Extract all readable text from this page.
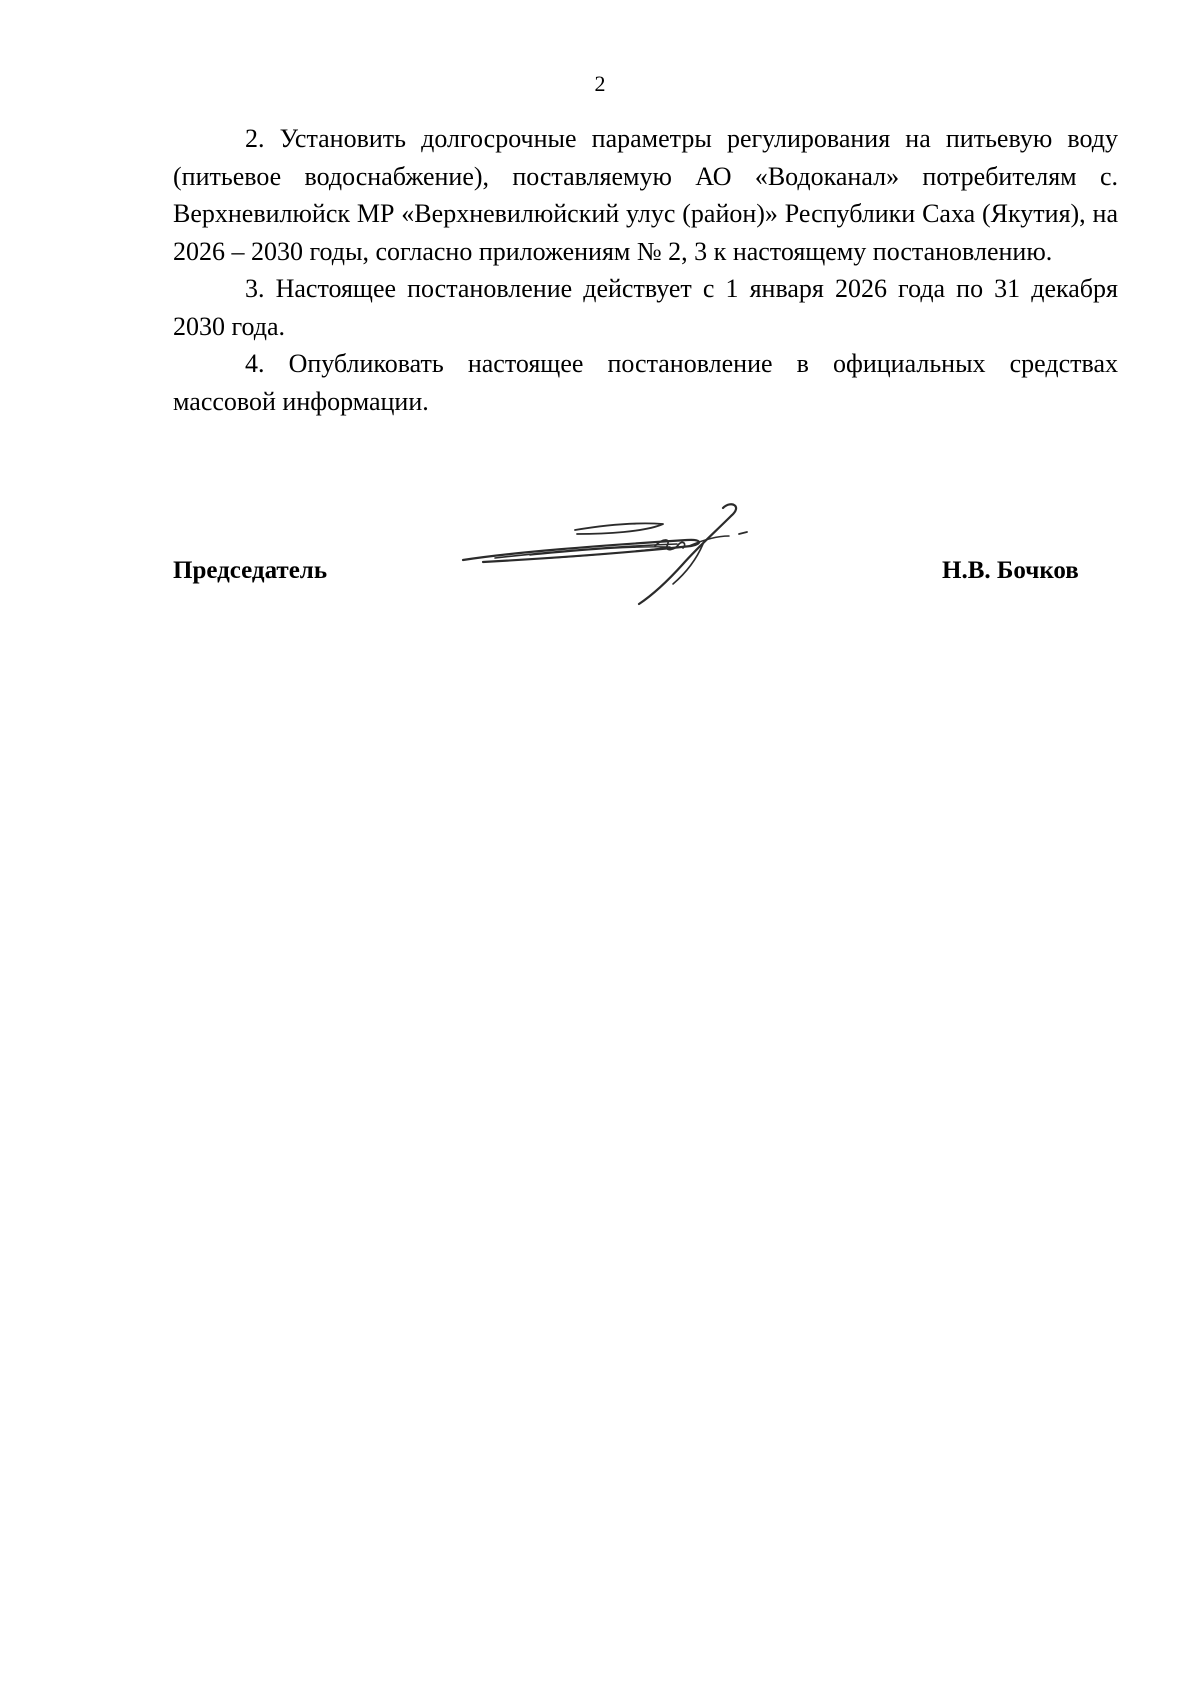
2

2. Установить долгосрочные параметры регулирования на питьевую воду (питьевое водоснабжение), поставляемую АО «Водоканал» потребителям с. Верхневилюйск МР «Верхневилюйский улус (район)» Республики Саха (Якутия), на 2026 – 2030 годы, согласно приложениям № 2, 3 к настоящему постановлению.

3. Настоящее постановление действует с 1 января 2026 года по 31 декабря 2030 года.

4. Опубликовать настоящее постановление в официальных средствах массовой информации.

Председатель	Н.В. Бочков
